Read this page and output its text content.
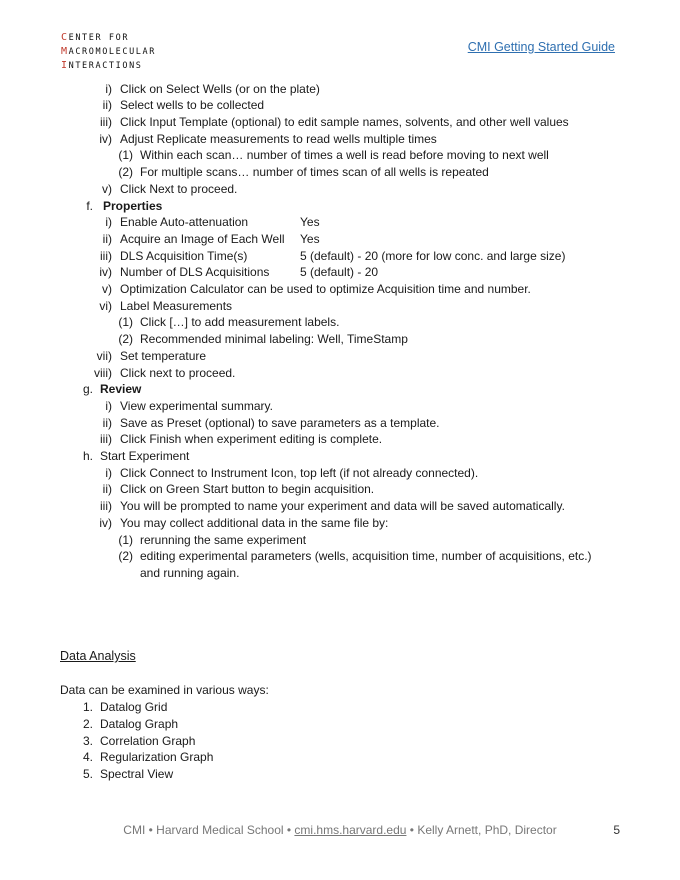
CENTER FOR
MACROMOLECULAR
INTERACTIONS
CMI Getting Started Guide
i) Click on Select Wells (or on the plate)
ii) Select wells to be collected
iii) Click Input Template (optional) to edit sample names, solvents, and other well values
iv) Adjust Replicate measurements to read wells multiple times
(1) Within each scan… number of times a well is read before moving to next well
(2) For multiple scans… number of times scan of all wells is repeated
v) Click Next to proceed.
f. Properties
i) Enable Auto-attenuation	Yes
ii) Acquire an Image of Each Well Yes
iii) DLS Acquisition Time(s)	5 (default) - 20 (more for low conc. and large size)
iv) Number of DLS Acquisitions	5 (default) - 20
v) Optimization Calculator can be used to optimize Acquisition time and number.
vi) Label Measurements
(1) Click […] to add measurement labels.
(2) Recommended minimal labeling: Well, TimeStamp
vii) Set temperature
viii) Click next to proceed.
g. Review
i) View experimental summary.
ii) Save as Preset (optional) to save parameters as a template.
iii) Click Finish when experiment editing is complete.
h. Start Experiment
i) Click Connect to Instrument Icon, top left (if not already connected).
ii) Click on Green Start button to begin acquisition.
iii) You will be prompted to name your experiment and data will be saved automatically.
iv) You may collect additional data in the same file by:
(1) rerunning the same experiment
(2) editing experimental parameters (wells, acquisition time, number of acquisitions, etc.)
and running again.
Data Analysis
Data can be examined in various ways:
1. Datalog Grid
2. Datalog Graph
3. Correlation Graph
4. Regularization Graph
5. Spectral View
CMI • Harvard Medical School • cmi.hms.harvard.edu • Kelly Arnett, PhD, Director	5
